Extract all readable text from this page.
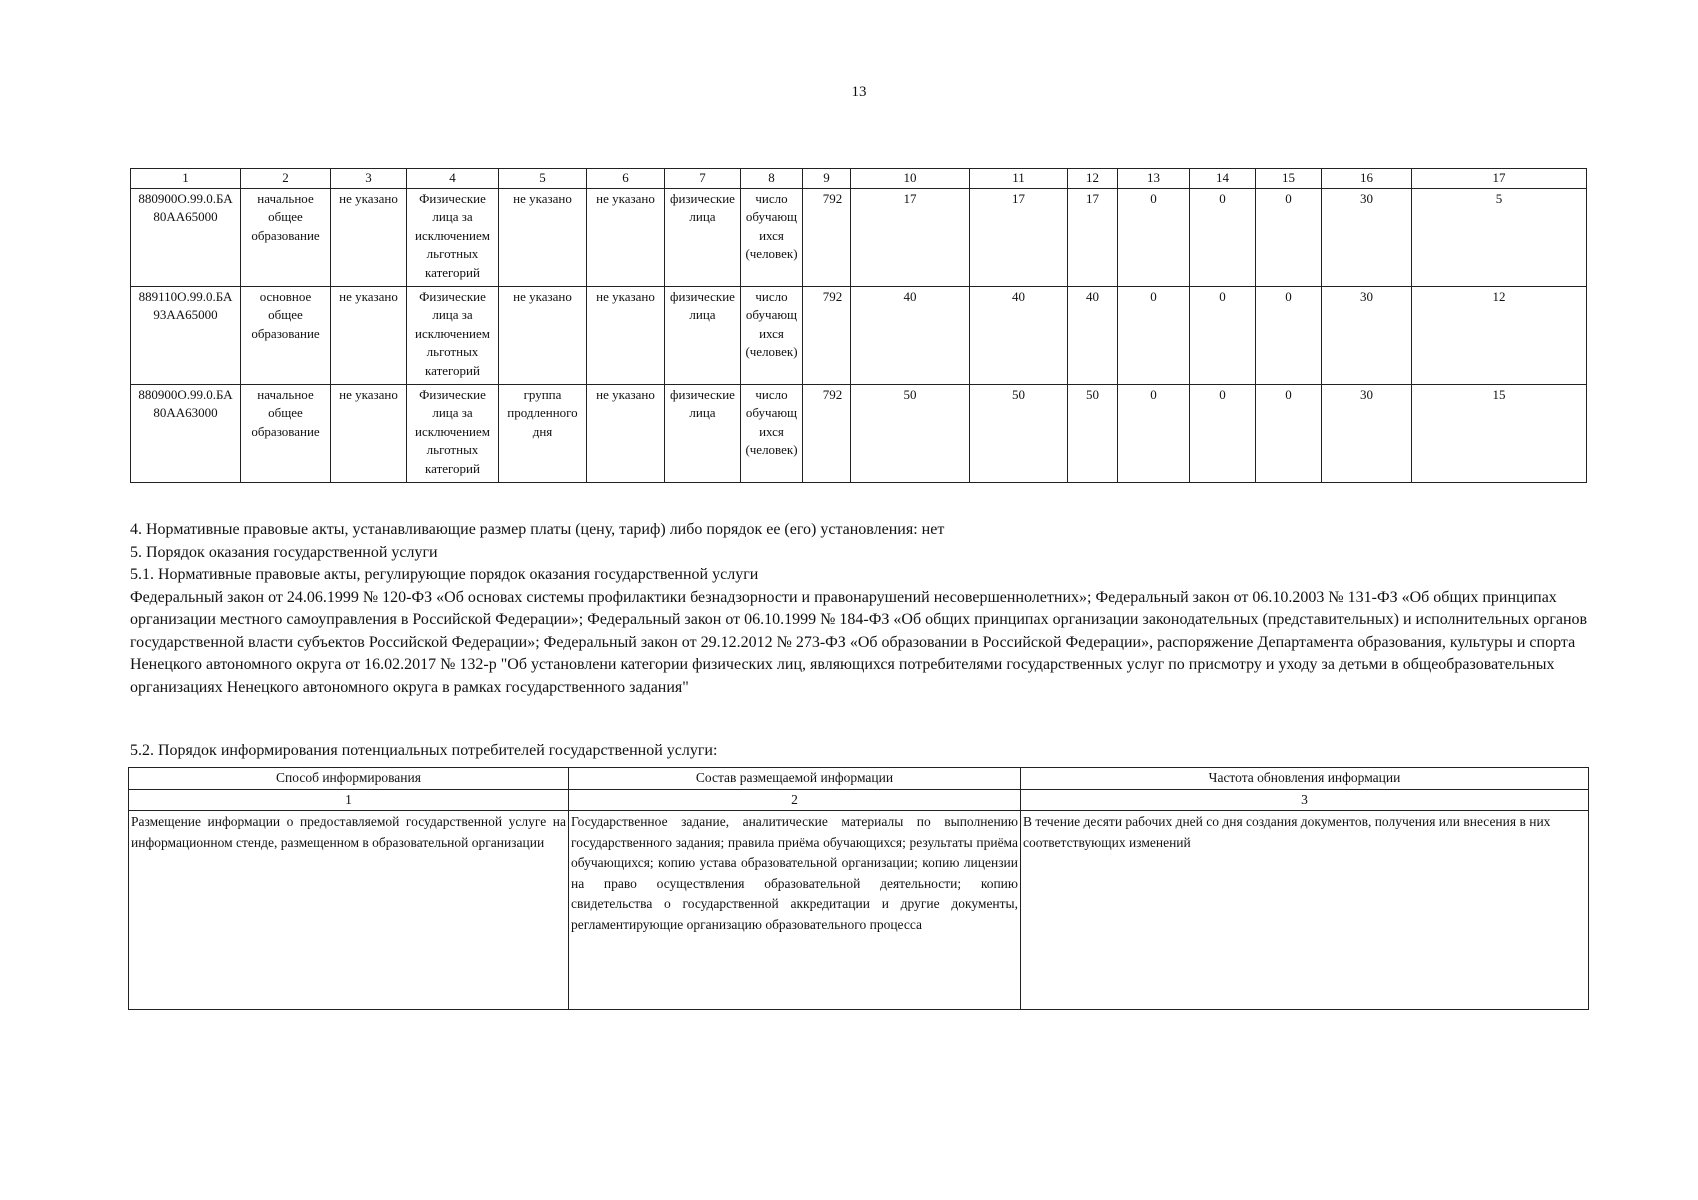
13
1	2	3	4	5	6	7	8	9	10	11	12	13	14	15	16	17
880900О.99.0.БА 80АА65000	начальное общее образование	не указано	Физические лица за исключением льготных категорий	не указано	не указано	физические лица	число обучающ ихся (человек)	792	17	17	17	0	0	0	30	5
889110О.99.0.БА 93АА65000	основное общее образование	не указано	Физические лица за исключением льготных категорий	не указано	не указано	физические лица	число обучающ ихся (человек)	792	40	40	40	0	0	0	30	12
880900О.99.0.БА 80АА63000	начальное общее образование	не указано	Физические лица за исключением льготных категорий	группа продленного дня	не указано	физические лица	число обучающ ихся (человек)	792	50	50	50	0	0	0	30	15

4. Нормативные правовые акты, устанавливающие размер платы (цену, тариф) либо порядок ее (его) установления: нет

5. Порядок оказания государственной услуги

5.1. Нормативные правовые акты, регулирующие порядок оказания государственной услуги

Федеральный закон от 24.06.1999 № 120-ФЗ «Об основах системы профилактики безнадзорности и правонарушений несовершеннолетних»; Федеральный закон от 06.10.2003 № 131-ФЗ «Об общих принципах организации местного самоуправления в Российской Федерации»; Федеральный закон от 06.10.1999 № 184-ФЗ «Об общих принципах организации законодательных (представительных) и исполнительных органов государственной власти субъектов Российской Федерации»; Федеральный закон от 29.12.2012 № 273-ФЗ «Об образовании в Российской Федерации», распоряжение Департамента образования, культуры и спорта Ненецкого автономного округа от 16.02.2017 № 132-р "Об установлени категории физических лиц, являющихся потребителями государственных услуг по присмотру и уходу за детьми в общеобразовательных организациях Ненецкого автономного округа в рамках государственного задания"

5.2. Порядок информирования потенциальных потребителей государственной услуги:
Способ информирования	Состав размещаемой информации	Частота обновления информации
1	2	3
Размещение информации о предоставляемой государственной услуге на информационном стенде, размещенном в образовательной организации	Государственное задание, аналитические материалы по выполнению государственного задания; правила приёма обучающихся; результаты приёма обучающихся; копию устава образовательной организации; копию лицензии на право осуществления образовательной деятельности; копию свидетельства о государственной аккредитации и другие документы, регламентирующие организацию образовательного процесса	В течение десяти рабочих дней со дня создания документов, получения или внесения в них соответствующих изменений
